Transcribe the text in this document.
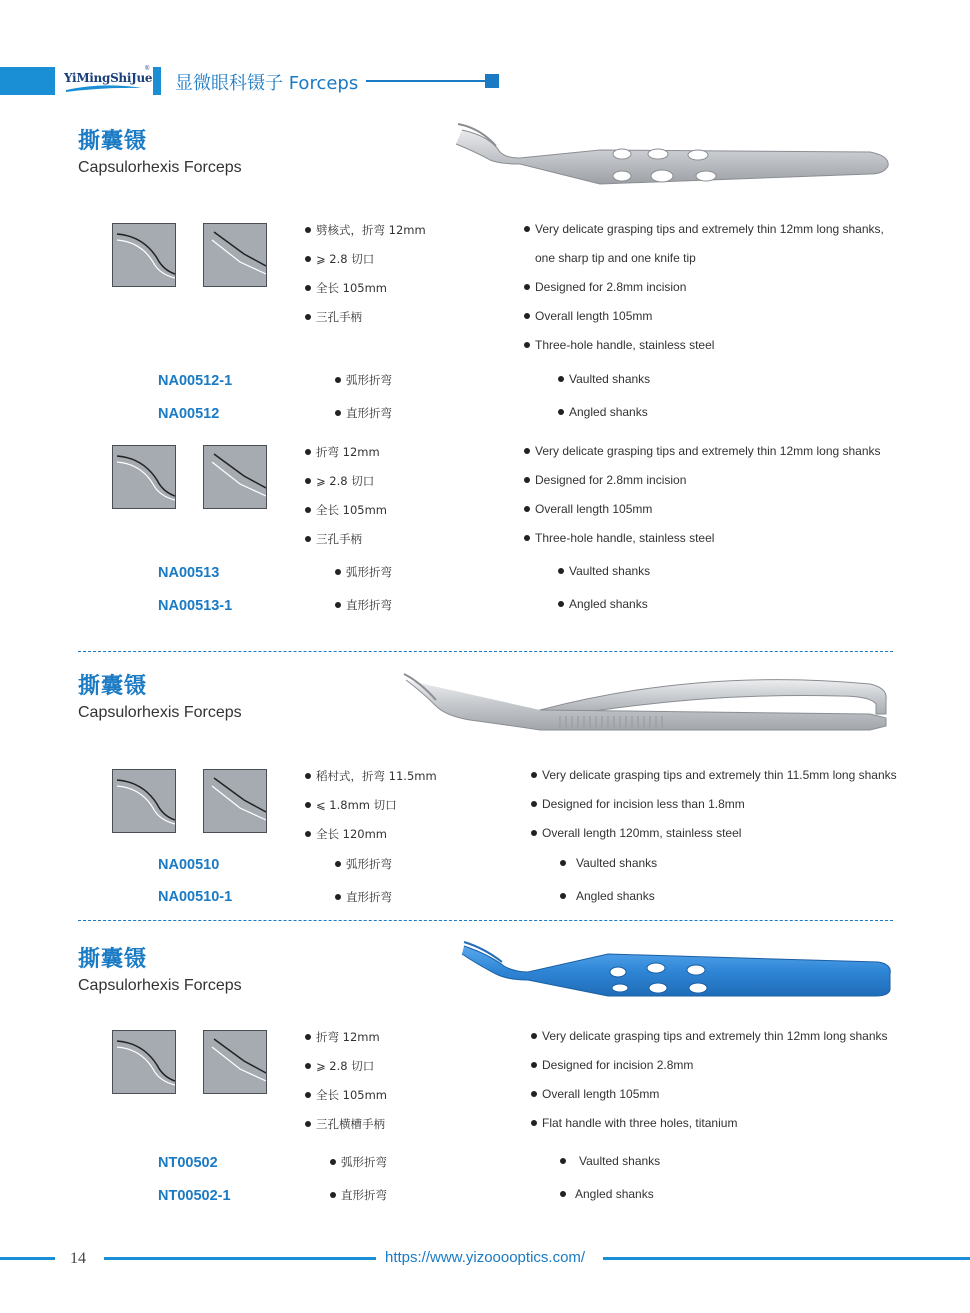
YiMingShiJue
®
显微眼科镊子 Forceps
撕囊镊
Capsulorhexis Forceps
劈核式，折弯 12mm
⩾ 2.8 切口
全长 105mm
三孔手柄
Very delicate grasping tips and extremely thin 12mm long shanks,
one sharp tip and one knife tip
Designed for 2.8mm incision
Overall length 105mm
Three-hole handle, stainless steel
NA00512-1	弧形折弯	Vaulted shanks
NA00512	直形折弯	Angled shanks
折弯 12mm
⩾ 2.8 切口
全长 105mm
三孔手柄
Very delicate grasping tips and extremely thin 12mm long shanks
Designed for 2.8mm incision
Overall length 105mm
Three-hole handle, stainless steel
NA00513	弧形折弯	Vaulted shanks
NA00513-1	直形折弯	Angled shanks
撕囊镊
Capsulorhexis Forceps
稻村式，折弯 11.5mm
⩽ 1.8mm 切口
全长 120mm
Very delicate grasping tips and extremely thin 11.5mm long shanks
Designed for incision less than 1.8mm
Overall length 120mm, stainless steel
NA00510	弧形折弯	Vaulted shanks
NA00510-1	直形折弯	Angled shanks
撕囊镊
Capsulorhexis Forceps
折弯 12mm
⩾ 2.8 切口
全长 105mm
三孔横槽手柄
Very delicate grasping tips and extremely thin 12mm long shanks
Designed for incision 2.8mm
Overall length 105mm
Flat handle with three holes, titanium
NT00502	弧形折弯	Vaulted shanks
NT00502-1	直形折弯	Angled shanks
14	https://www.yizooooptics.com/
